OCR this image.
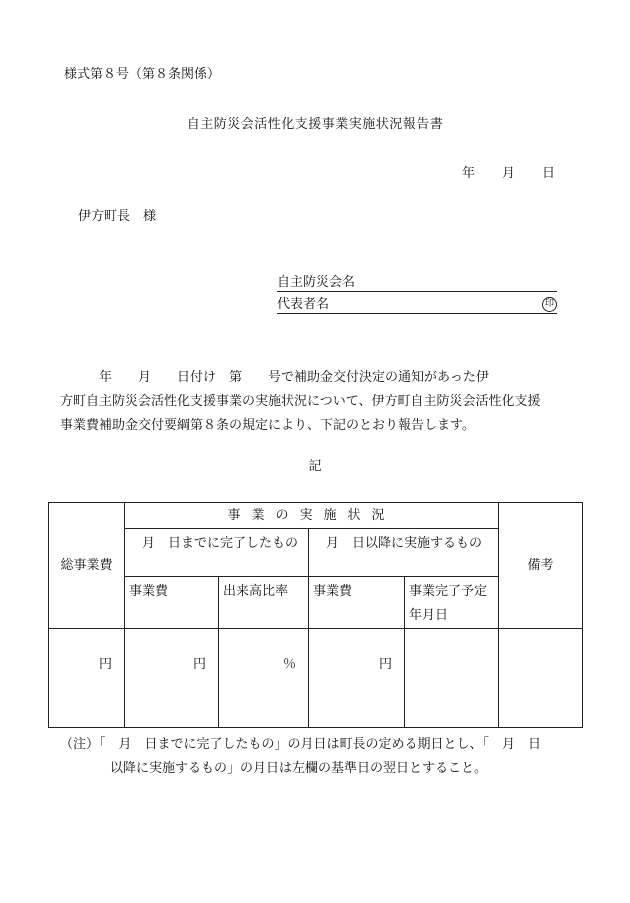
様式第８号（第８条関係）
自主防災会活性化支援事業実施状況報告書
年 月 日
伊方町長　様
自主防災会名
代表者名	印
　　　年　　月　　日付け　第　　号で補助金交付決定の通知があった伊
方町自主防災会活性化支援事業の実施状況について、伊方町自主防災会活性化支援
事業費補助金交付要綱第８条の規定により、下記のとおり報告します。
記
総事業費	事業の実施状況				備考
	　月　日までに完了したもの		　月　日以降に実施するもの		
	事業費	出来高比率	事業費	事業完了予定年月日	
円	円	％	円		
（注）「　月　日までに完了したもの」の月日は町長の定める期日とし、「　月　日
以降に実施するもの」の月日は左欄の基準日の翌日とすること。
